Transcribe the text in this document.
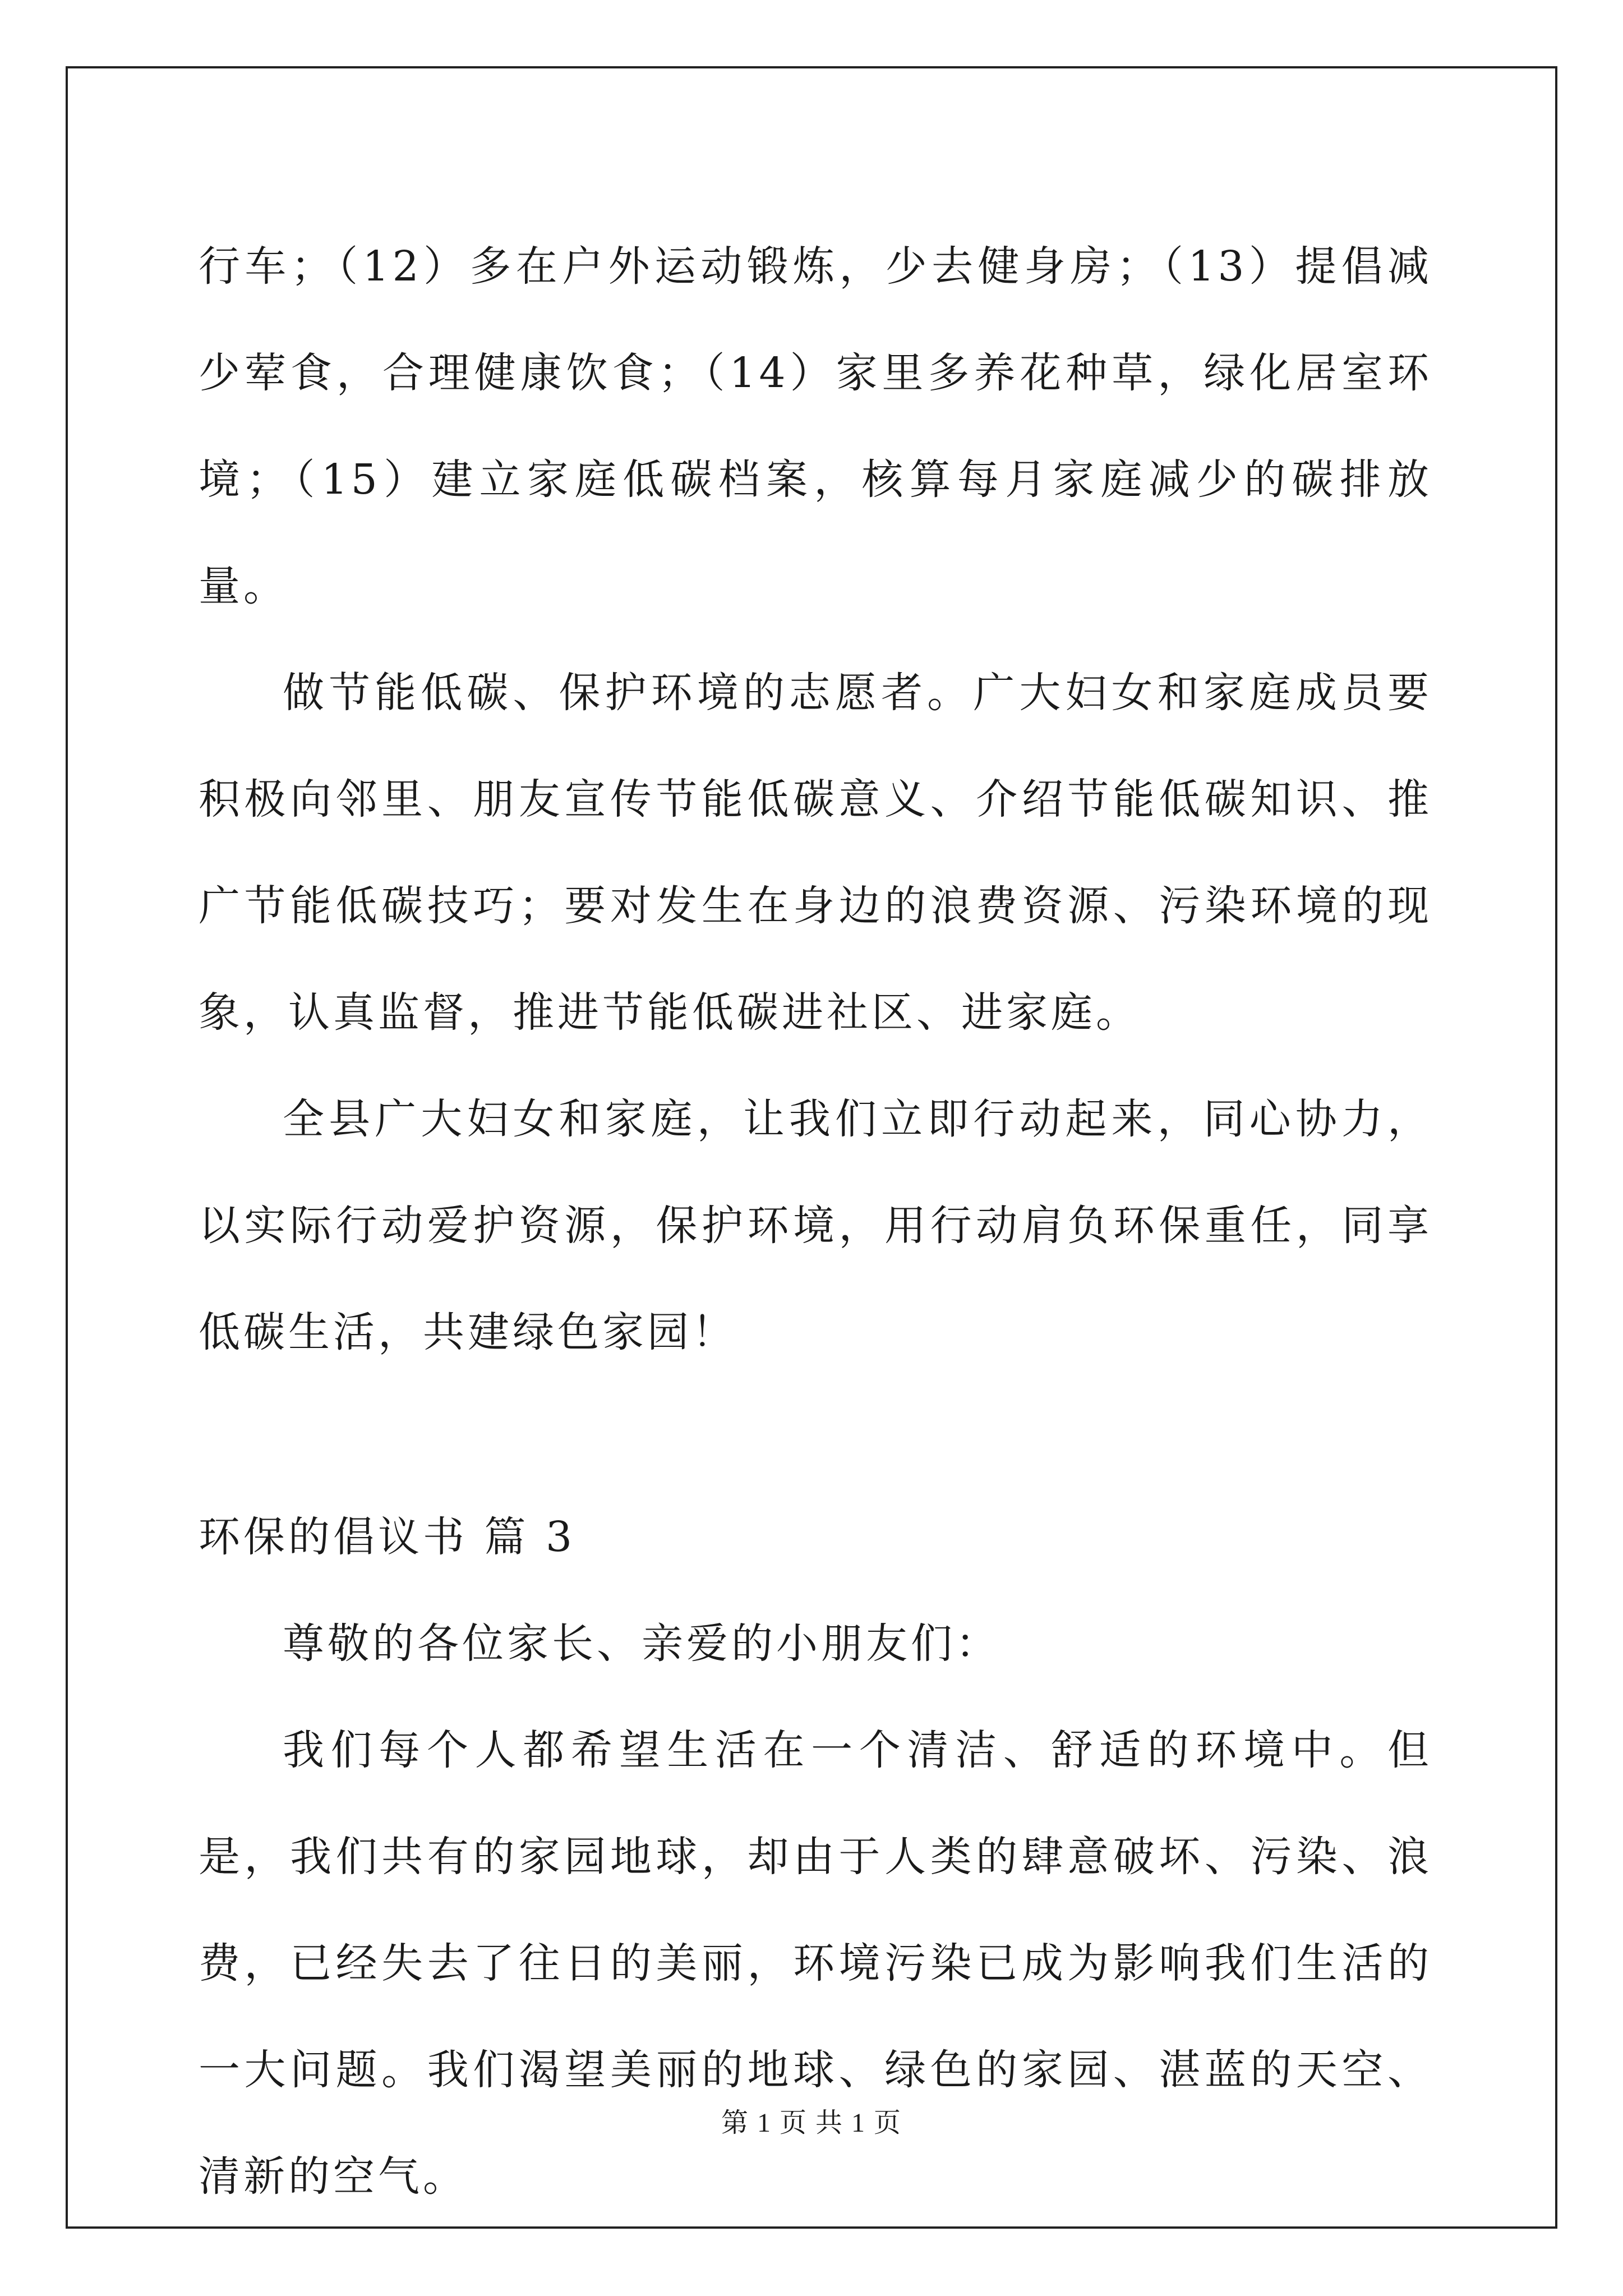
行车；（12）多在户外运动锻炼，少去健身房；（13）提倡减少荤食，合理健康饮食；（14）家里多养花种草，绿化居室环境；（15）建立家庭低碳档案，核算每月家庭减少的碳排放量。

做节能低碳、保护环境的志愿者。广大妇女和家庭成员要积极向邻里、朋友宣传节能低碳意义、介绍节能低碳知识、推广节能低碳技巧；要对发生在身边的浪费资源、污染环境的现象，认真监督，推进节能低碳进社区、进家庭。

全县广大妇女和家庭，让我们立即行动起来，同心协力，以实际行动爱护资源，保护环境，用行动肩负环保重任，同享低碳生活，共建绿色家园！

环保的倡议书 篇 3

尊敬的各位家长、亲爱的小朋友们：

我们每个人都希望生活在一个清洁、舒适的环境中。但是，我们共有的家园地球，却由于人类的肆意破坏、污染、浪费，已经失去了往日的美丽，环境污染已成为影响我们生活的一大问题。我们渴望美丽的地球、绿色的家园、湛蓝的天空、清新的空气。

第 1 页 共 1 页
